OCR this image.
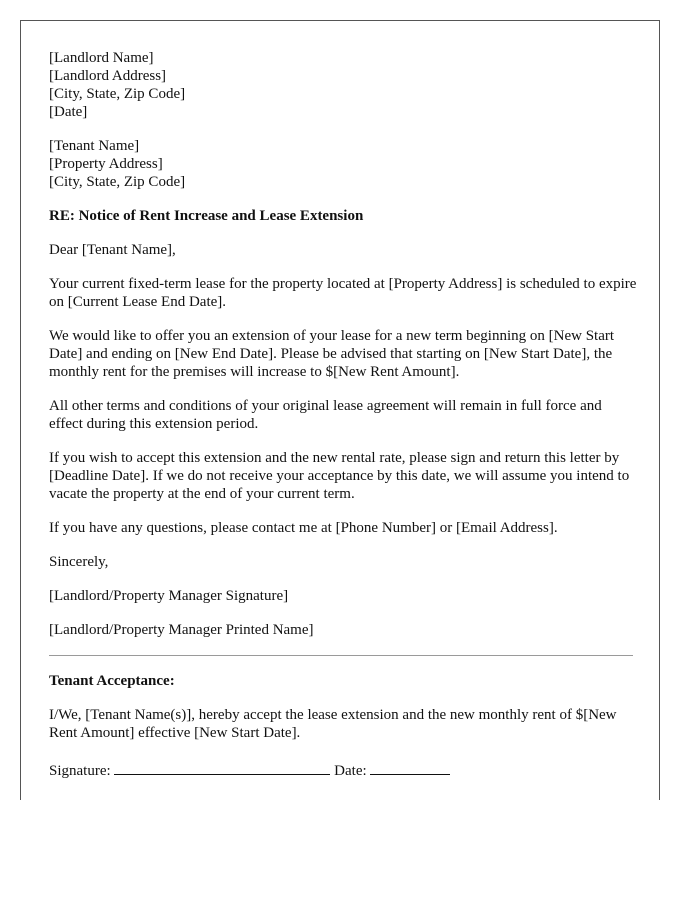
[Landlord Name]
[Landlord Address]
[City, State, Zip Code]
[Date]
[Tenant Name]
[Property Address]
[City, State, Zip Code]

RE: Notice of Rent Increase and Lease Extension

Dear [Tenant Name],

Your current fixed-term lease for the property located at [Property Address] is scheduled to expire on [Current Lease End Date].

We would like to offer you an extension of your lease for a new term beginning on [New Start Date] and ending on [New End Date]. Please be advised that starting on [New Start Date], the monthly rent for the premises will increase to $[New Rent Amount].

All other terms and conditions of your original lease agreement will remain in full force and effect during this extension period.

If you wish to accept this extension and the new rental rate, please sign and return this letter by [Deadline Date]. If we do not receive your acceptance by this date, we will assume you intend to vacate the property at the end of your current term.

If you have any questions, please contact me at [Phone Number] or [Email Address].

Sincerely,

[Landlord/Property Manager Signature]

[Landlord/Property Manager Printed Name]

Tenant Acceptance:

I/We, [Tenant Name(s)], hereby accept the lease extension and the new monthly rent of $[New Rent Amount] effective [New Start Date].

Signature:	Date:
